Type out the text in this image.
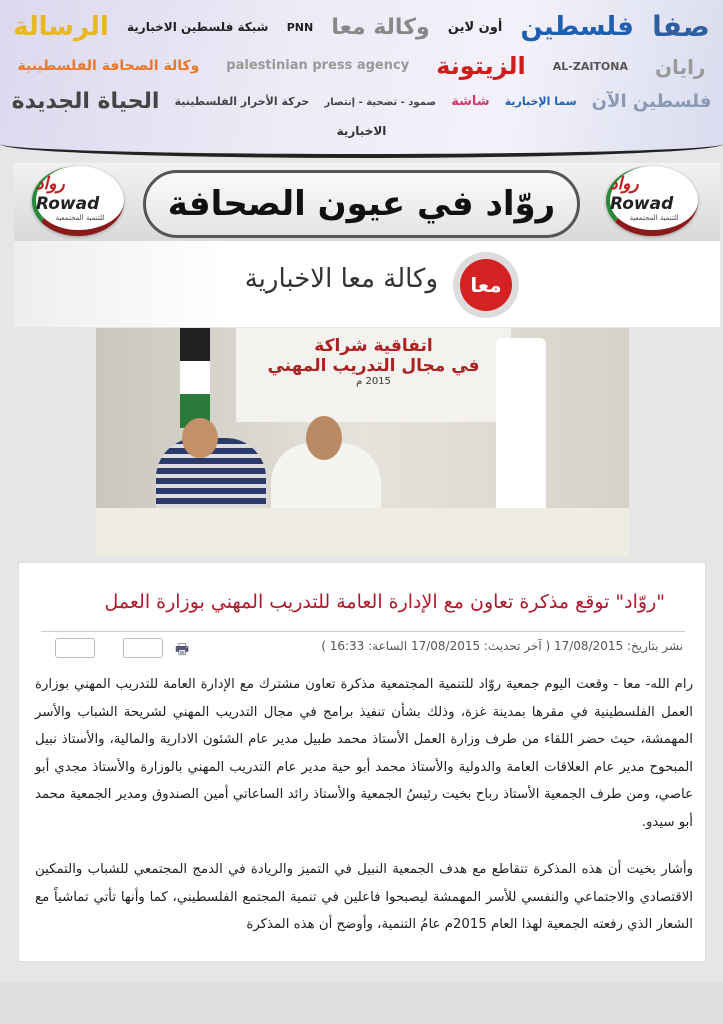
الرسالة شبكة فلسطين الاخبارية PNN وكالة معا أون لاين فلسطين صفا
وكالة الصحافة الفلسطينية palestinian press agency الزيتونة AL-ZAITONA رايان
الحياة الجديدة حركة الأحرار الفلسطينية صمود - تضحية - إنتصار شاشة سما الإخبارية فلسطين الآن
الاخبارية
رواد Rowad
للتنمية المجتمعية	روّاد في عيون الصحافة	رواد Rowad
للتنمية المجتمعية
معا
وكالة معا الاخبارية
اتفاقية شراكة
في مجال التدريب المهني
2015 م
"روّاد" توقع مذكرة تعاون مع الإدارة العامة للتدريب المهني بوزارة العمل
نشر بتاريخ: 17/08/2015 ( آخر تحديث: 17/08/2015 الساعة: 16:33 )
🖶

رام الله- معا - وقعت اليوم جمعية روّاد للتنمية المجتمعية مذكرة تعاون مشترك مع الإدارة العامة للتدريب المهني بوزارة العمل الفلسطينية في مقرها بمدينة غزة، وذلك بشأن تنفيذ برامج في مجال التدريب المهني لشريحة الشباب والأسر المهمشة، حيث حضر اللقاء من طرف وزارة العمل الأستاذ محمد طبيل مدير عام الشئون الادارية والمالية، والأستاذ نبيل المبحوح مدير عام العلاقات العامة والدولية والأستاذ محمد أبو حية مدير عام التدريب المهني بالوزارة والأستاذ مجدي أبو عاصي، ومن طرف الجمعية الأستاذ رباح بخيت رئيسُ الجمعية والأستاذ رائد الساعاتي أمين الصندوق ومدير الجمعية محمد أبو سيدو.

وأشار بخيت أن هذه المذكرة تتقاطع مع هدف الجمعية النبيل في التميز والريادة في الدمج المجتمعي للشباب والتمكين الاقتصادي والاجتماعي والنفسي للأسر المهمشة ليصبحوا فاعلين في تنمية المجتمع الفلسطيني، كما وأنها تأتي تماشياً مع الشعار الذي رفعته الجمعية لهذا العام 2015م عامُ التنمية، وأوضح أن هذه المذكرة
